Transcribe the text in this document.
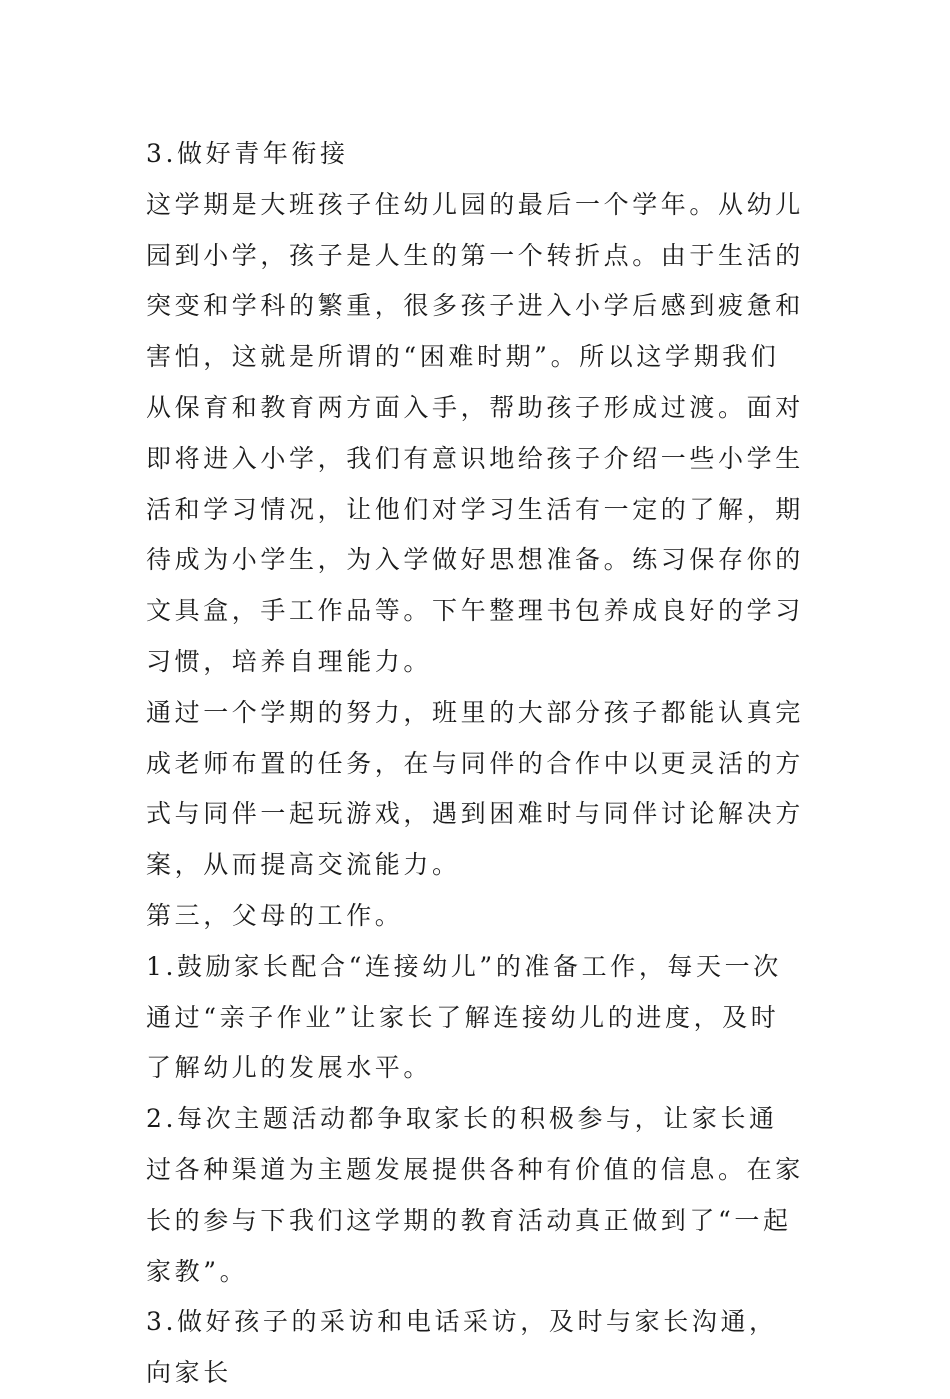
3.做好青年衔接

这学期是大班孩子住幼儿园的最后一个学年。从幼儿园到小学，孩子是人生的第一个转折点。由于生活的突变和学科的繁重，很多孩子进入小学后感到疲惫和害怕，这就是所谓的“困难时期”。所以这学期我们从保育和教育两方面入手，帮助孩子形成过渡。面对即将进入小学，我们有意识地给孩子介绍一些小学生活和学习情况，让他们对学习生活有一定的了解，期待成为小学生，为入学做好思想准备。练习保存你的文具盒，手工作品等。下午整理书包养成良好的学习习惯，培养自理能力。

通过一个学期的努力，班里的大部分孩子都能认真完成老师布置的任务，在与同伴的合作中以更灵活的方式与同伴一起玩游戏，遇到困难时与同伴讨论解决方案，从而提高交流能力。

第三，父母的工作。

1.鼓励家长配合“连接幼儿”的准备工作，每天一次通过“亲子作业”让家长了解连接幼儿的进度，及时了解幼儿的发展水平。

2.每次主题活动都争取家长的积极参与，让家长通过各种渠道为主题发展提供各种有价值的信息。在家长的参与下我们这学期的教育活动真正做到了“一起家教”。

3.做好孩子的采访和电话采访，及时与家长沟通，向家长
